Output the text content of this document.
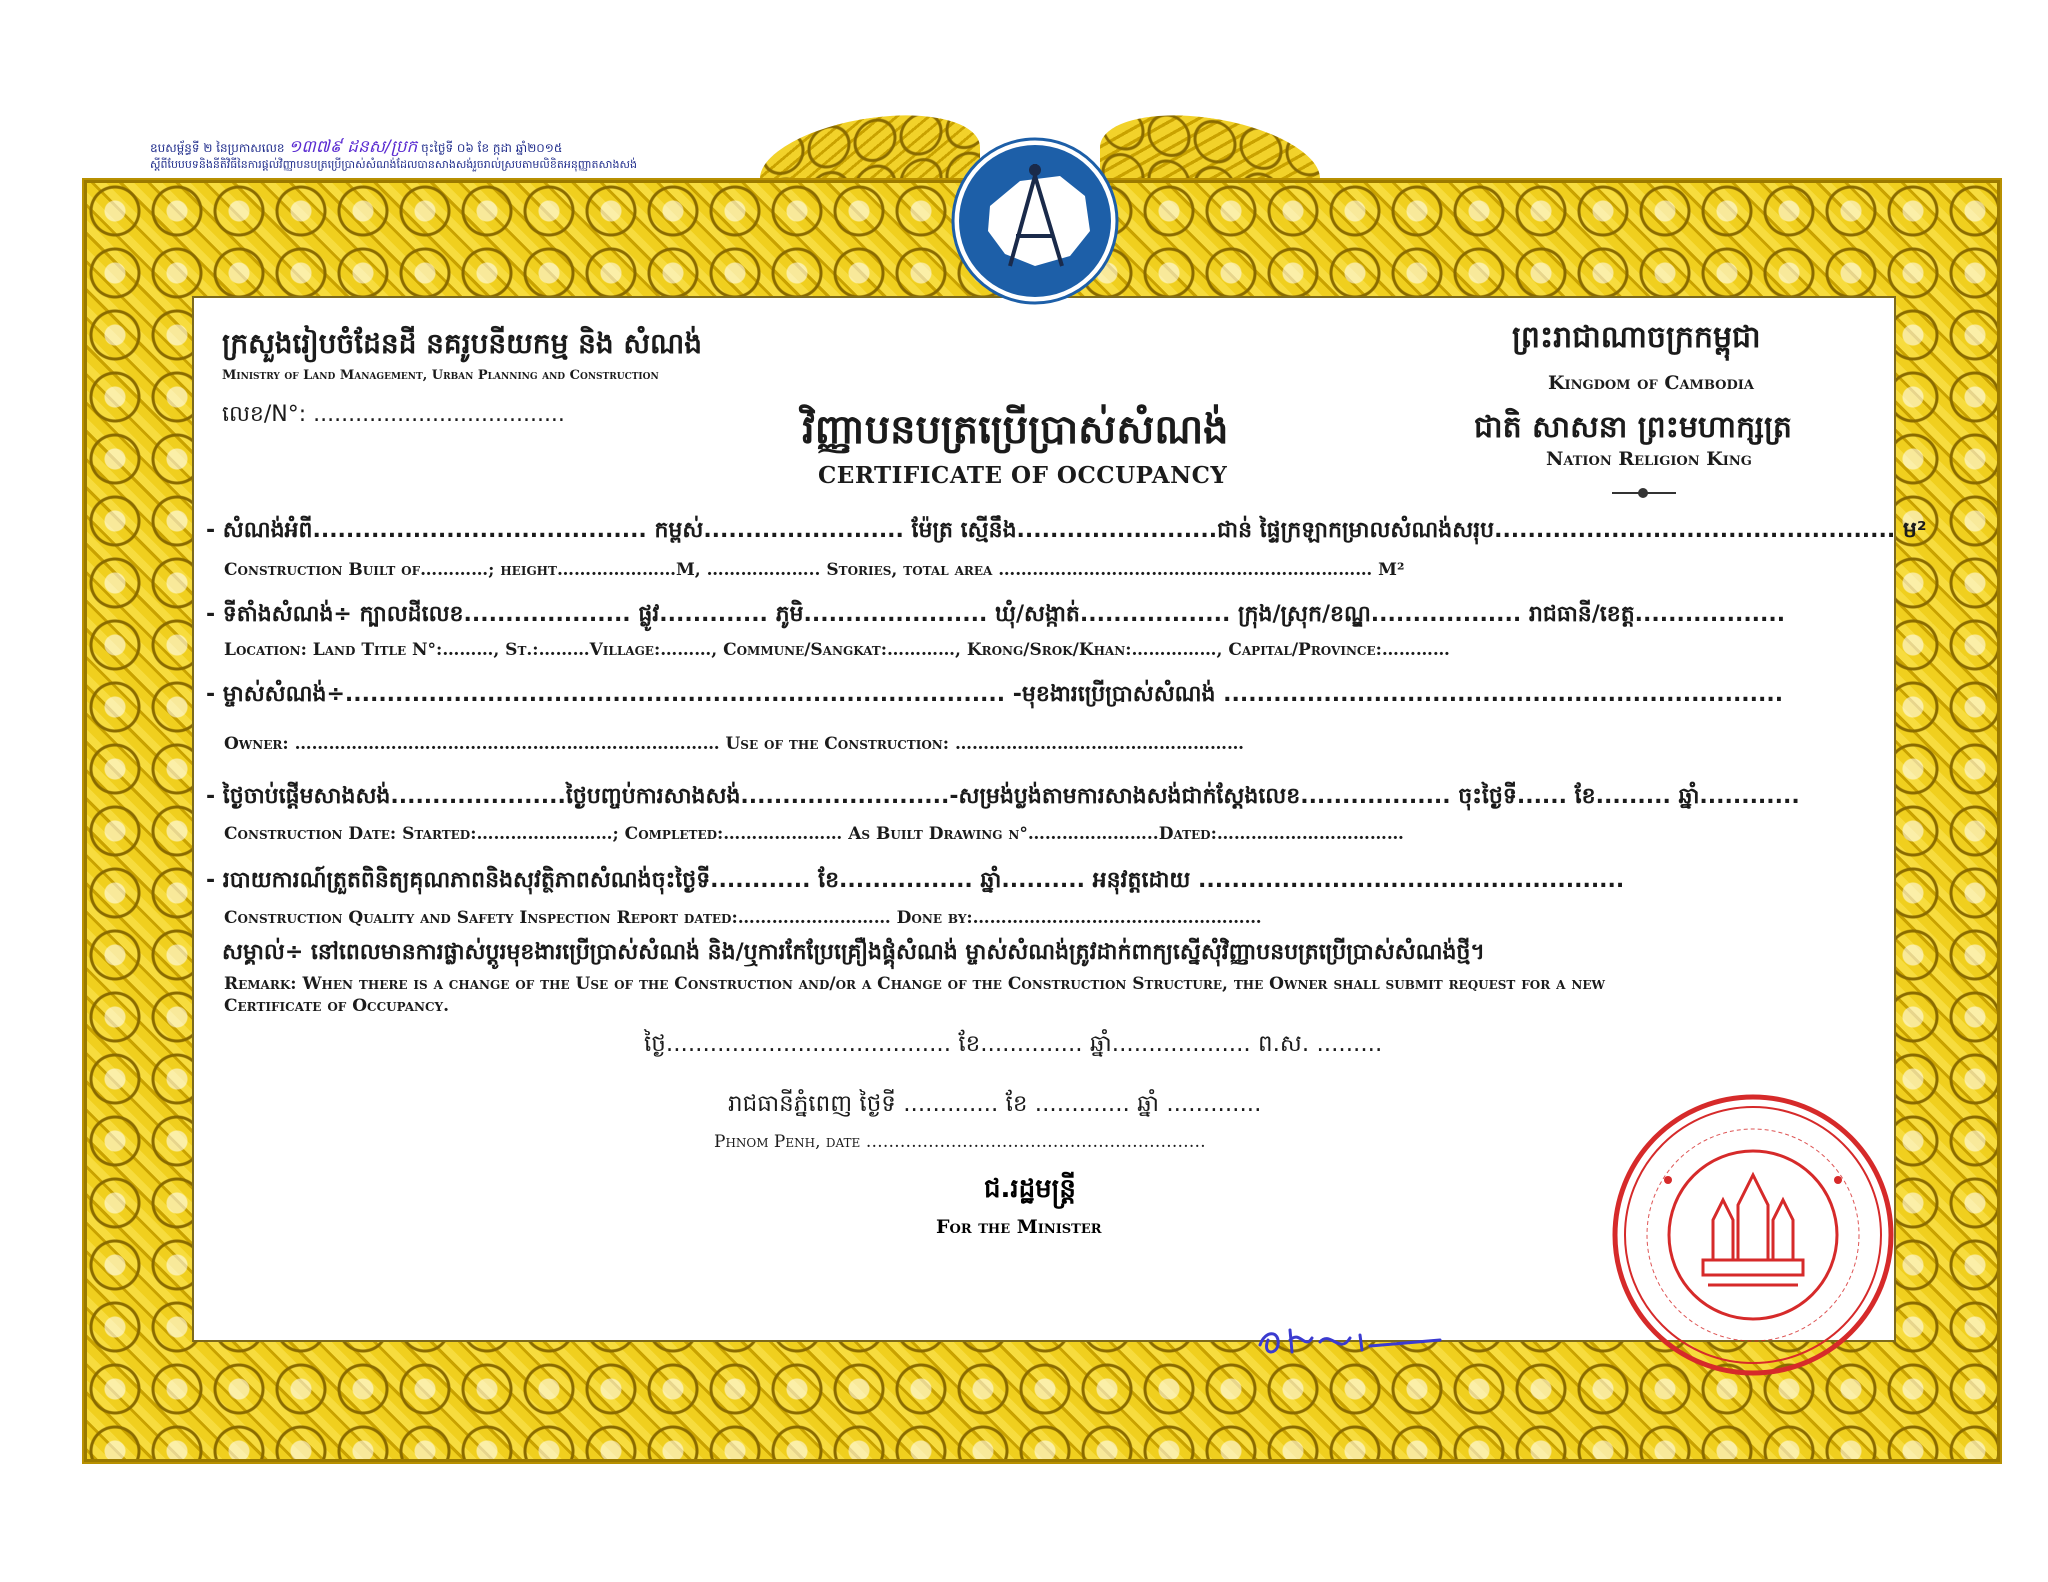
ឧបសម្ព័ន្ធទី ២ នៃប្រកាសលេខ ១៣៧៩ ដនស/ប្រក ចុះថ្ងៃទី ០៦ ខែ ក្កដា ឆ្នាំ២០១៥
ស្តីពីបែបបទនិងនីតិវិធីនៃការផ្តល់វិញ្ញាបនបត្រប្រើប្រាស់សំណង់ដែលបានសាងសង់រួចរាល់ស្របតាមលិខិតអនុញ្ញាតសាងសង់
ក្រសួងរៀបចំដែនដី នគរូបនីយកម្ម និង សំណង់
Ministry of Land Management, Urban Planning and Construction
លេខ/N°: ....................................
ព្រះរាជាណាចក្រកម្ពុជា
Kingdom of Cambodia
ជាតិ សាសនា ព្រះមហាក្សត្រ
Nation Religion King
វិញ្ញាបនបត្រប្រើប្រាស់សំណង់
CERTIFICATE OF OCCUPANCY
- សំណង់អំពី........................................ កម្ពស់........................ ម៉ែត្រ ស្មើនឹង........................ជាន់ ផ្ទៃក្រឡាកម្រាលសំណង់សរុប................................................ ម²
Construction Built of…………; height…………………M, ……………….. Stories, total area ………………………………………………………… M²
- ទីតាំងសំណង់÷ ក្បាលដីលេខ.................... ផ្លូវ............. ភូមិ...................... ឃុំ/សង្កាត់.................. ក្រុង/ស្រុក/ខណ្ឌ.................. រាជធានី/ខេត្ត..................
Location: Land Title N°:………, St.:………Village:………, Commune/Sangkat:…………, Krong/Srok/Khan:……………, Capital/Province:…………
- ម្ចាស់សំណង់÷............................................................................... -មុខងារប្រើប្រាស់សំណង់ ...................................................................
Owner: ………………………………………………………………… Use of the Construction: ……………………………………………
- ថ្ងៃចាប់ផ្តើមសាងសង់.....................ថ្ងៃបញ្ចប់ការសាងសង់.........................-សម្រង់ប្លង់តាមការសាងសង់ជាក់ស្តែងលេខ.................. ចុះថ្ងៃទី...... ខែ......... ឆ្នាំ............
Construction Date: Started:……………………; Completed:………………… As Built Drawing n°…………………..Dated:……………………………
- របាយការណ៍ត្រួតពិនិត្យគុណភាពនិងសុវត្ថិភាពសំណង់ចុះថ្ងៃទី............ ខែ................ ឆ្នាំ.......... អនុវត្តដោយ ...................................................
Construction Quality and Safety Inspection Report dated:……………………… Done by:……………………………………………
សម្គាល់÷ នៅពេលមានការផ្លាស់ប្តូរមុខងារប្រើប្រាស់សំណង់ និង/ឬការកែប្រែគ្រឿងផ្គុំសំណង់ ម្ចាស់សំណង់ត្រូវដាក់ពាក្យស្នើសុំវិញ្ញាបនបត្រប្រើប្រាស់សំណង់ថ្មី។
Remark: When there is a change of the Use of the Construction and/or a Change of the Construction Structure, the Owner shall submit request for a new
Certificate of Occupancy.
ថ្ងៃ....................................... ខែ.............. ឆ្នាំ................... ព.ស. .........
រាជធានីភ្នំពេញ ថ្ងៃទី ............. ខែ ............. ឆ្នាំ .............
Phnom Penh, date ……………………………………………………
ជ.រដ្ឋមន្ត្រី
For the Minister
